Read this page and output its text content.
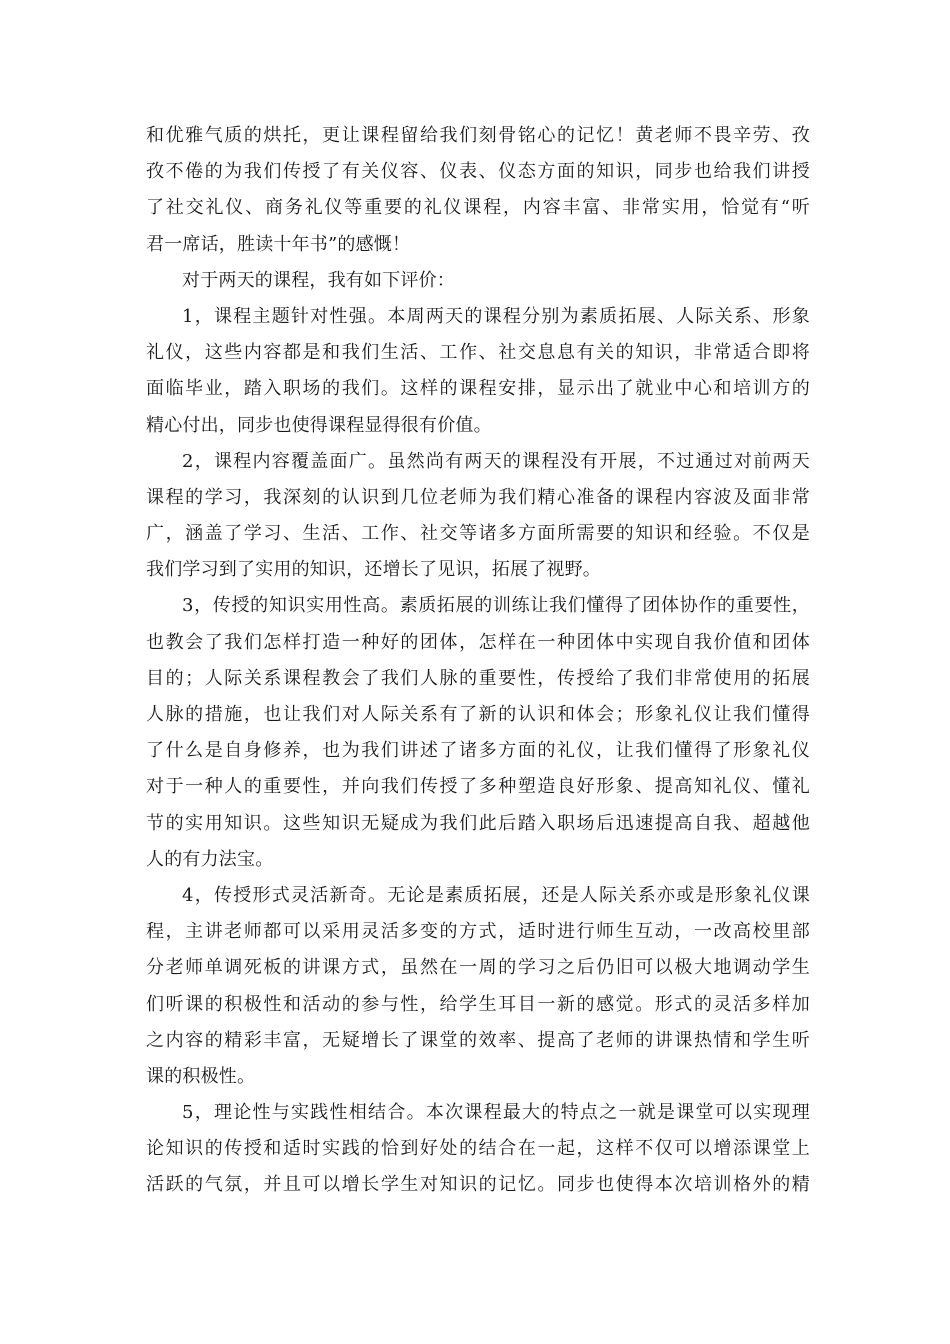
和优雅气质的烘托，更让课程留给我们刻骨铭心的记忆！黄老师不畏辛劳、孜
孜不倦的为我们传授了有关仪容、仪表、仪态方面的知识，同步也给我们讲授
了社交礼仪、商务礼仪等重要的礼仪课程，内容丰富、非常实用，恰觉有“听
君一席话，胜读十年书”的感慨！
对于两天的课程，我有如下评价：
1，课程主题针对性强。本周两天的课程分别为素质拓展、人际关系、形象
礼仪，这些内容都是和我们生活、工作、社交息息有关的知识，非常适合即将
面临毕业，踏入职场的我们。这样的课程安排，显示出了就业中心和培训方的
精心付出，同步也使得课程显得很有价值。
2，课程内容覆盖面广。虽然尚有两天的课程没有开展，不过通过对前两天
课程的学习，我深刻的认识到几位老师为我们精心准备的课程内容波及面非常
广，涵盖了学习、生活、工作、社交等诸多方面所需要的知识和经验。不仅是
我们学习到了实用的知识，还增长了见识，拓展了视野。
3，传授的知识实用性高。素质拓展的训练让我们懂得了团体协作的重要性，
也教会了我们怎样打造一种好的团体，怎样在一种团体中实现自我价值和团体
目的；人际关系课程教会了我们人脉的重要性，传授给了我们非常使用的拓展
人脉的措施，也让我们对人际关系有了新的认识和体会；形象礼仪让我们懂得
了什么是自身修养，也为我们讲述了诸多方面的礼仪，让我们懂得了形象礼仪
对于一种人的重要性，并向我们传授了多种塑造良好形象、提高知礼仪、懂礼
节的实用知识。这些知识无疑成为我们此后踏入职场后迅速提高自我、超越他
人的有力法宝。
4，传授形式灵活新奇。无论是素质拓展，还是人际关系亦或是形象礼仪课
程，主讲老师都可以采用灵活多变的方式，适时进行师生互动，一改高校里部
分老师单调死板的讲课方式，虽然在一周的学习之后仍旧可以极大地调动学生
们听课的积极性和活动的参与性，给学生耳目一新的感觉。形式的灵活多样加
之内容的精彩丰富，无疑增长了课堂的效率、提高了老师的讲课热情和学生听
课的积极性。
5，理论性与实践性相结合。本次课程最大的特点之一就是课堂可以实现理
论知识的传授和适时实践的恰到好处的结合在一起，这样不仅可以增添课堂上
活跃的气氛，并且可以增长学生对知识的记忆。同步也使得本次培训格外的精
